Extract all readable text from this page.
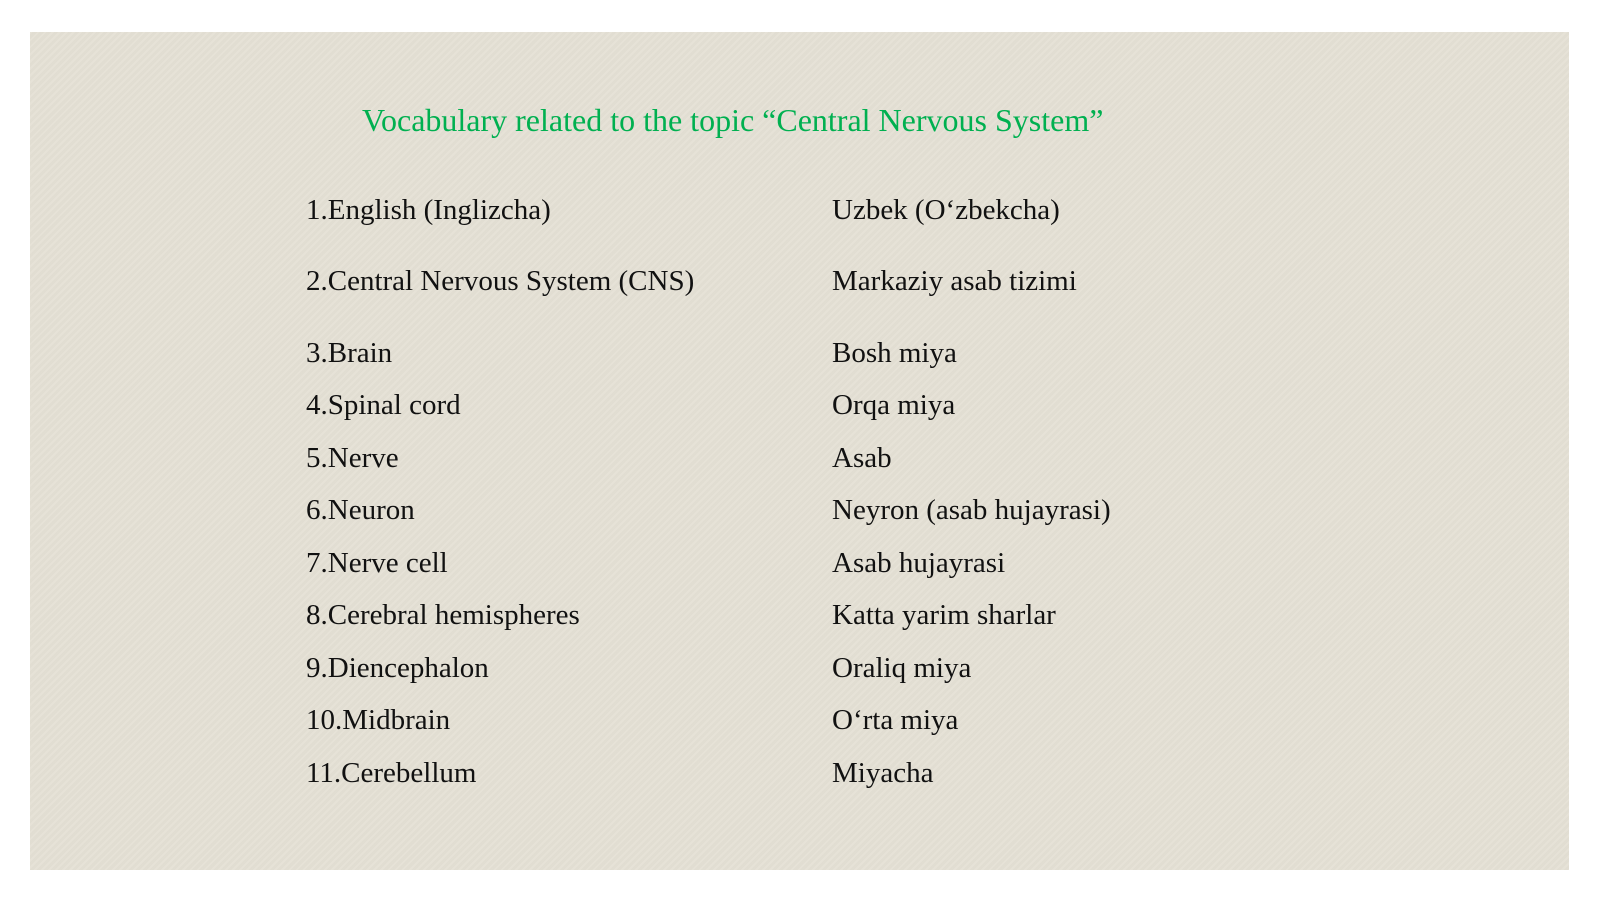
Vocabulary related to the topic “Central Nervous System”
1.English (Inglizcha)	Uzbek (O‘zbekcha)
2.Central Nervous System (CNS)	Markaziy asab tizimi
3.Brain	Bosh miya
4.Spinal cord	Orqa miya
5.Nerve	Asab
6.Neuron	Neyron (asab hujayrasi)
7.Nerve cell	Asab hujayrasi
8.Cerebral hemispheres	Katta yarim sharlar
9.Diencephalon	Oraliq miya
10.Midbrain	O‘rta miya
11.Cerebellum	Miyacha
